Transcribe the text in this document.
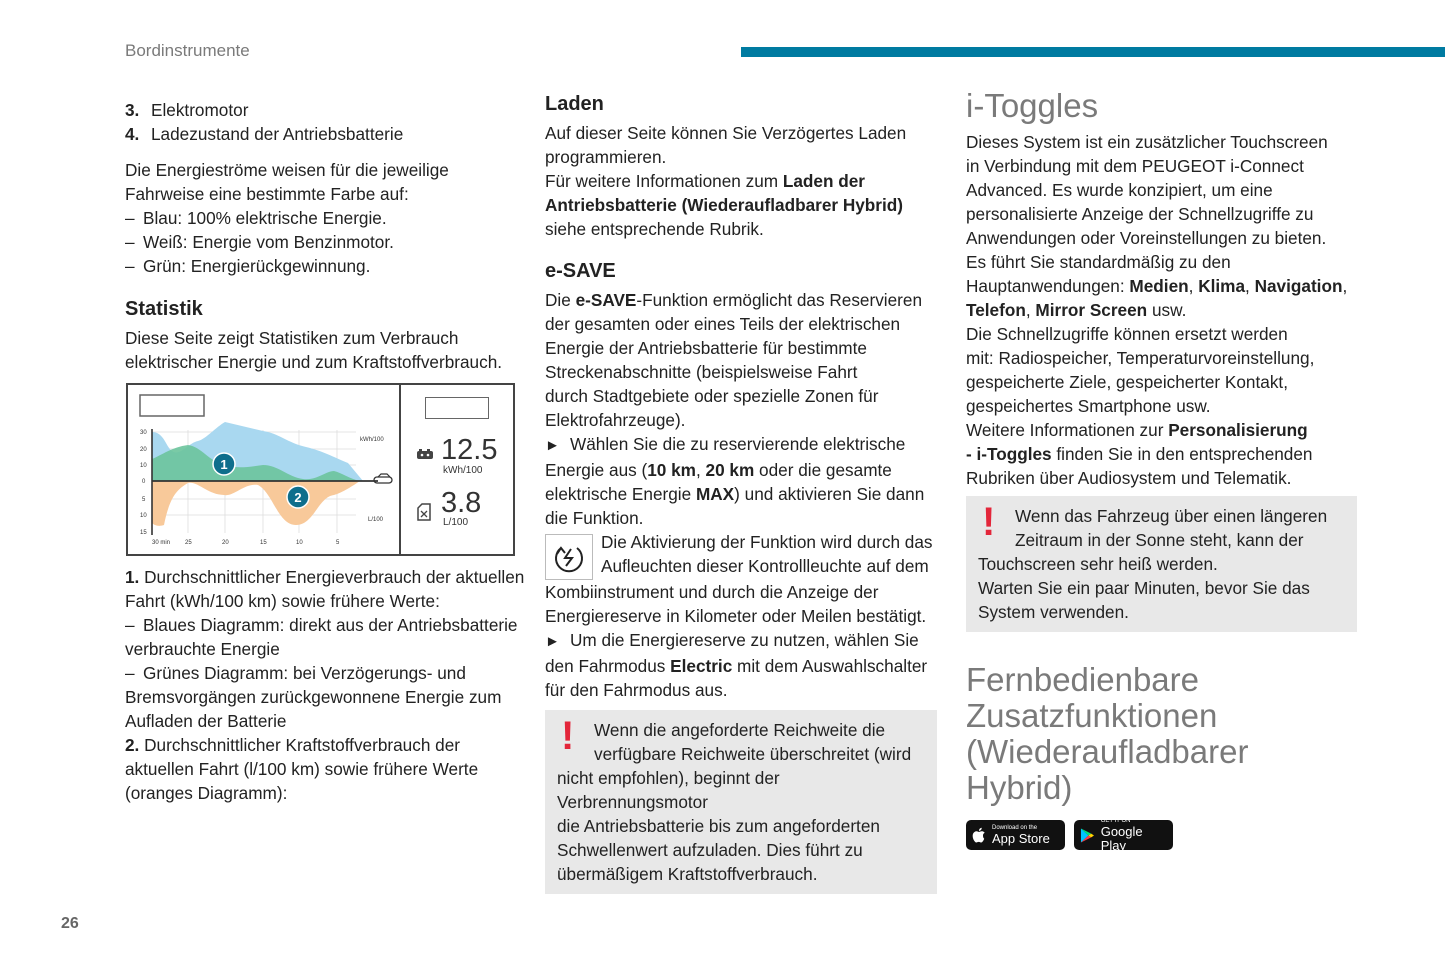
Bordinstrumente

3. Elektromotor

4. Ladezustand der Antriebsbatterie

Die Energieströme weisen für die jeweilige

Fahrweise eine bestimmte Farbe auf:

– Blau: 100% elektrische Energie.

– Weiß: Energie vom Benzinmotor.

– Grün: Energierückgewinnung.

Statistik

Diese Seite zeigt Statistiken zum Verbrauch

elektrischer Energie und zum Kraftstoffverbrauch.

30
20
10
0
5
10
15
30 min 25	20	15	10	5
kWh/100
L/100
1
2
12.5
kWh/100
3.8
L/100

1. Durchschnittlicher Energieverbrauch der aktuellen

Fahrt (kWh/100 km) sowie frühere Werte:

– Blaues Diagramm: direkt aus der Antriebsbatterie

verbrauchte Energie

– Grünes Diagramm: bei Verzögerungs- und

Bremsvorgängen zurückgewonnene Energie zum

Aufladen der Batterie

2. Durchschnittlicher Kraftstoffverbrauch der

aktuellen Fahrt (l/100 km) sowie frühere Werte

(oranges Diagramm):

Laden

Auf dieser Seite können Sie Verzögertes Laden

programmieren.

Für weitere Informationen zum Laden der

Antriebsbatterie (Wiederaufladbarer Hybrid)

siehe entsprechende Rubrik.

e-SAVE

Die e-SAVE-Funktion ermöglicht das Reservieren

der gesamten oder eines Teils der elektrischen

Energie der Antriebsbatterie für bestimmte

Streckenabschnitte (beispielsweise Fahrt

durch Stadtgebiete oder spezielle Zonen für

Elektrofahrzeuge).

► Wählen Sie die zu reservierende elektrische

Energie aus (10 km, 20 km oder die gesamte

elektrische Energie MAX) und aktivieren Sie dann

die Funktion.

Die Aktivierung der Funktion wird durch das

Aufleuchten dieser Kontrollleuchte auf dem

Kombiinstrument und durch die Anzeige der

Energiereserve in Kilometer oder Meilen bestätigt.

► Um die Energiereserve zu nutzen, wählen Sie

den Fahrmodus Electric mit dem Auswahlschalter

für den Fahrmodus aus.

!	Wenn die angeforderte Reichweite die

verfügbare Reichweite überschreitet (wird

nicht empfohlen), beginnt der Verbrennungsmotor

die Antriebsbatterie bis zum angeforderten

Schwellenwert aufzuladen. Dies führt zu

übermäßigem Kraftstoffverbrauch.

i-Toggles

Dieses System ist ein zusätzlicher Touchscreen

in Verbindung mit dem PEUGEOT i-Connect

Advanced. Es wurde konzipiert, um eine

personalisierte Anzeige der Schnellzugriffe zu

Anwendungen oder Voreinstellungen zu bieten.

Es führt Sie standardmäßig zu den

Hauptanwendungen: Medien, Klima, Navigation,

Telefon, Mirror Screen usw.

Die Schnellzugriffe können ersetzt werden

mit: Radiospeicher, Temperaturvoreinstellung,

gespeicherte Ziele, gespeicherter Kontakt,

gespeichertes Smartphone usw.

Weitere Informationen zur Personalisierung

- i-Toggles finden Sie in den entsprechenden

Rubriken über Audiosystem und Telematik.

!	Wenn das Fahrzeug über einen längeren

Zeitraum in der Sonne steht, kann der

Touchscreen sehr heiß werden.

Warten Sie ein paar Minuten, bevor Sie das

System verwenden.

Fernbedienbare
Zusatzfunktionen
(Wiederaufladbarer Hybrid)
Download on the
App Store

GET IT ON
Google Play
26
